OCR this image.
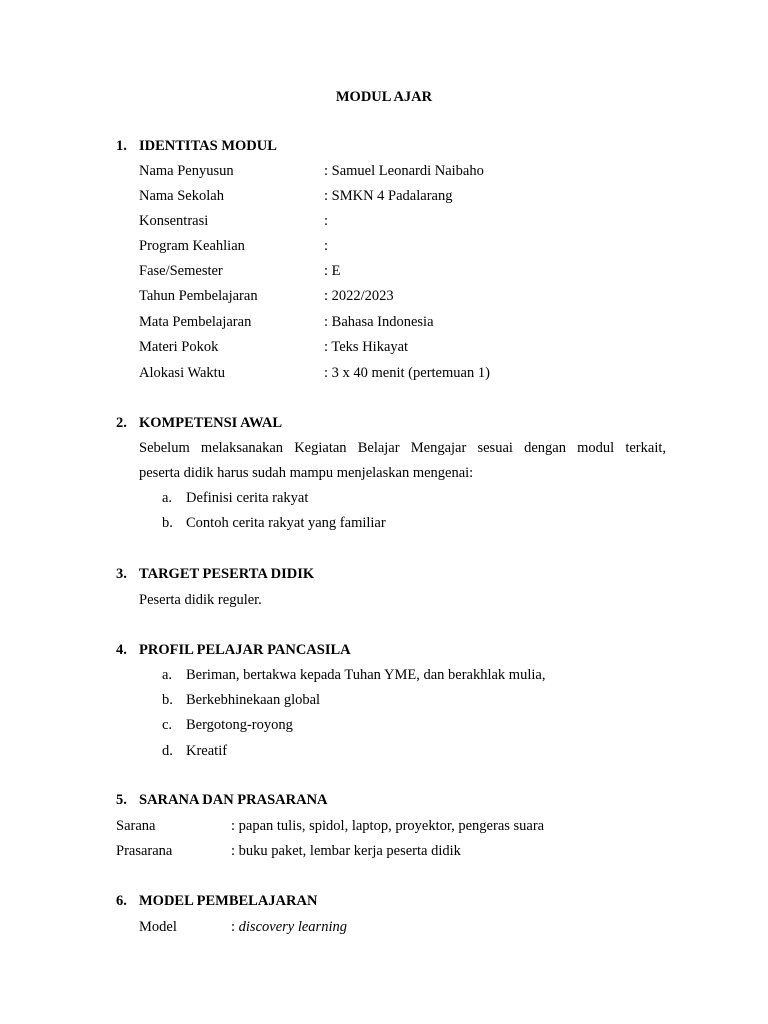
MODUL AJAR
1. IDENTITAS MODUL
Nama Penyusun	: Samuel Leonardi Naibaho
Nama Sekolah	: SMKN 4 Padalarang
Konsentrasi	:
Program Keahlian	:
Fase/Semester	: E
Tahun Pembelajaran	: 2022/2023
Mata Pembelajaran	: Bahasa Indonesia
Materi Pokok	: Teks Hikayat
Alokasi Waktu	: 3 x 40 menit (pertemuan 1)
2. KOMPETENSI AWAL
Sebelum melaksanakan Kegiatan Belajar Mengajar sesuai dengan modul terkait,
peserta didik harus sudah mampu menjelaskan mengenai:
a. Definisi cerita rakyat
b. Contoh cerita rakyat yang familiar
3. TARGET PESERTA DIDIK
Peserta didik reguler.
4. PROFIL PELAJAR PANCASILA
a. Beriman, bertakwa kepada Tuhan YME, dan berakhlak mulia,
b. Berkebhinekaan global
c. Bergotong-royong
d. Kreatif
5. SARANA DAN PRASARANA
Sarana	: papan tulis, spidol, laptop, proyektor, pengeras suara
Prasarana	: buku paket, lembar kerja peserta didik
6. MODEL PEMBELAJARAN
Model	: discovery learning
